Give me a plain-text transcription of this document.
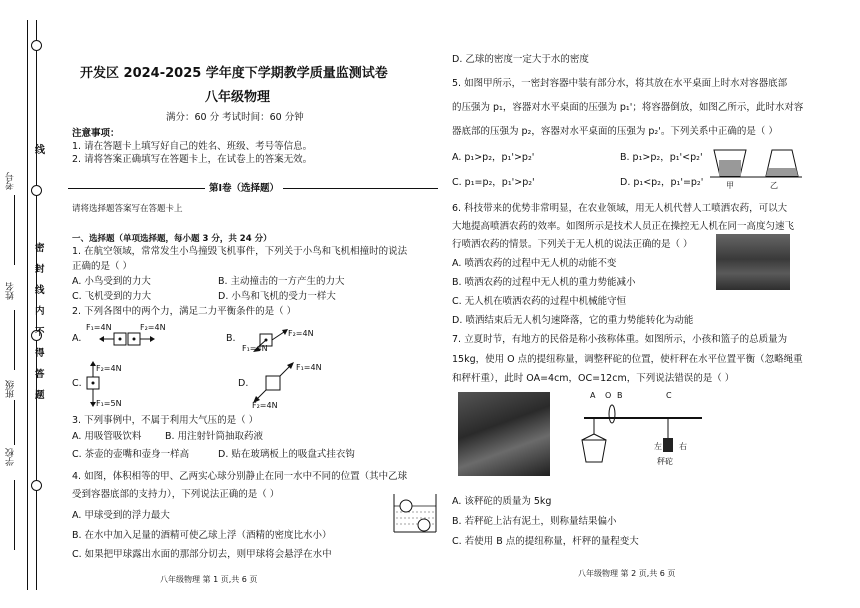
学校
班级
姓名
考号
线
密
封
线
内
不
得
答
题
开发区 2024-2025 学年度下学期教学质量监测试卷
八年级物理
满分：60 分 考试时间：60 分钟
注意事项：
1. 请在答题卡上填写好自己的姓名、班级、考号等信息。
2. 请将答案正确填写在答题卡上，在试卷上的答案无效。
第Ⅰ卷（选择题）
请将选择题答案写在答题卡上
一、选择题（单项选择题，每小题 3 分，共 24 分）
1. 在航空领域，常常发生小鸟撞毁飞机事件，下列关于小鸟和飞机相撞时的说法
正确的是（ ）
A. 小鸟受到的力大	B. 主动撞击的一方产生的力大
C. 飞机受到的力大	D. 小鸟和飞机的受力一样大
2. 下列各图中的两个力，满足二力平衡条件的是（ ）
A.
F₁=4N	F₂=4N
B.
F₁=4N
F₂=4N
C.
F₂=4N
F₁=5N
D.
F₁=4N
F₂=4N
3. 下列事例中，不属于利用大气压的是（ ）
A. 用吸管吸饮料 B. 用注射针筒抽取药液
C. 茶壶的壶嘴和壶身一样高	D. 贴在玻璃板上的吸盘式挂衣钩
4. 如图，体积相等的甲、乙两实心球分别静止在同一水中不同的位置（其中乙球
受到容器底部的支持力），下列说法正确的是（ ）
A. 甲球受到的浮力最大
B. 在水中加入足量的酒精可使乙球上浮（酒精的密度比水小）
C. 如果把甲球露出水面的那部分切去，则甲球将会悬浮在水中
八年级物理 第 1 页,共 6 页
D. 乙球的密度一定大于水的密度
5. 如图甲所示，一密封容器中装有部分水，将其放在水平桌面上时水对容器底部
的压强为 p₁，容器对水平桌面的压强为 p₁'；将容器倒放，如图乙所示，此时水对容
器底部的压强为 p₂，容器对水平桌面的压强为 p₂'。下列关系中正确的是（ ）
A. p₁>p₂，p₁'>p₂'	B. p₁>p₂，p₁'<p₂'
C. p₁=p₂，p₁'>p₂'	D. p₁<p₂，p₁'=p₂'	甲	乙
6. 科技带来的优势非常明显，在农业领域，用无人机代替人工喷洒农药，可以大
大地提高喷洒农药的效率。如图所示是技术人员正在操控无人机在同一高度匀速飞
行喷洒农药的情景。下列关于无人机的说法正确的是（ ）
A. 喷洒农药的过程中无人机的动能不变
B. 喷洒农药的过程中无人机的重力势能减小
C. 无人机在喷洒农药的过程中机械能守恒
D. 喷洒结束后无人机匀速降落，它的重力势能转化为动能
7. 立夏时节，有地方的民俗是称小孩称体重。如图所示，小孩和篮子的总质量为
15kg，使用 O 点的提纽称量，调整秤砣的位置，使杆秤在水平位置平衡（忽略绳重
和秤杆重），此时 OA=4cm，OC=12cm，下列说法错误的是（ ）
A O B	C
左 右
秤砣
A. 该秤砣的质量为 5kg
B. 若秤砣上沾有泥土，则称量结果偏小
C. 若使用 B 点的提纽称量，杆秤的量程变大
八年级物理 第 2 页,共 6 页
